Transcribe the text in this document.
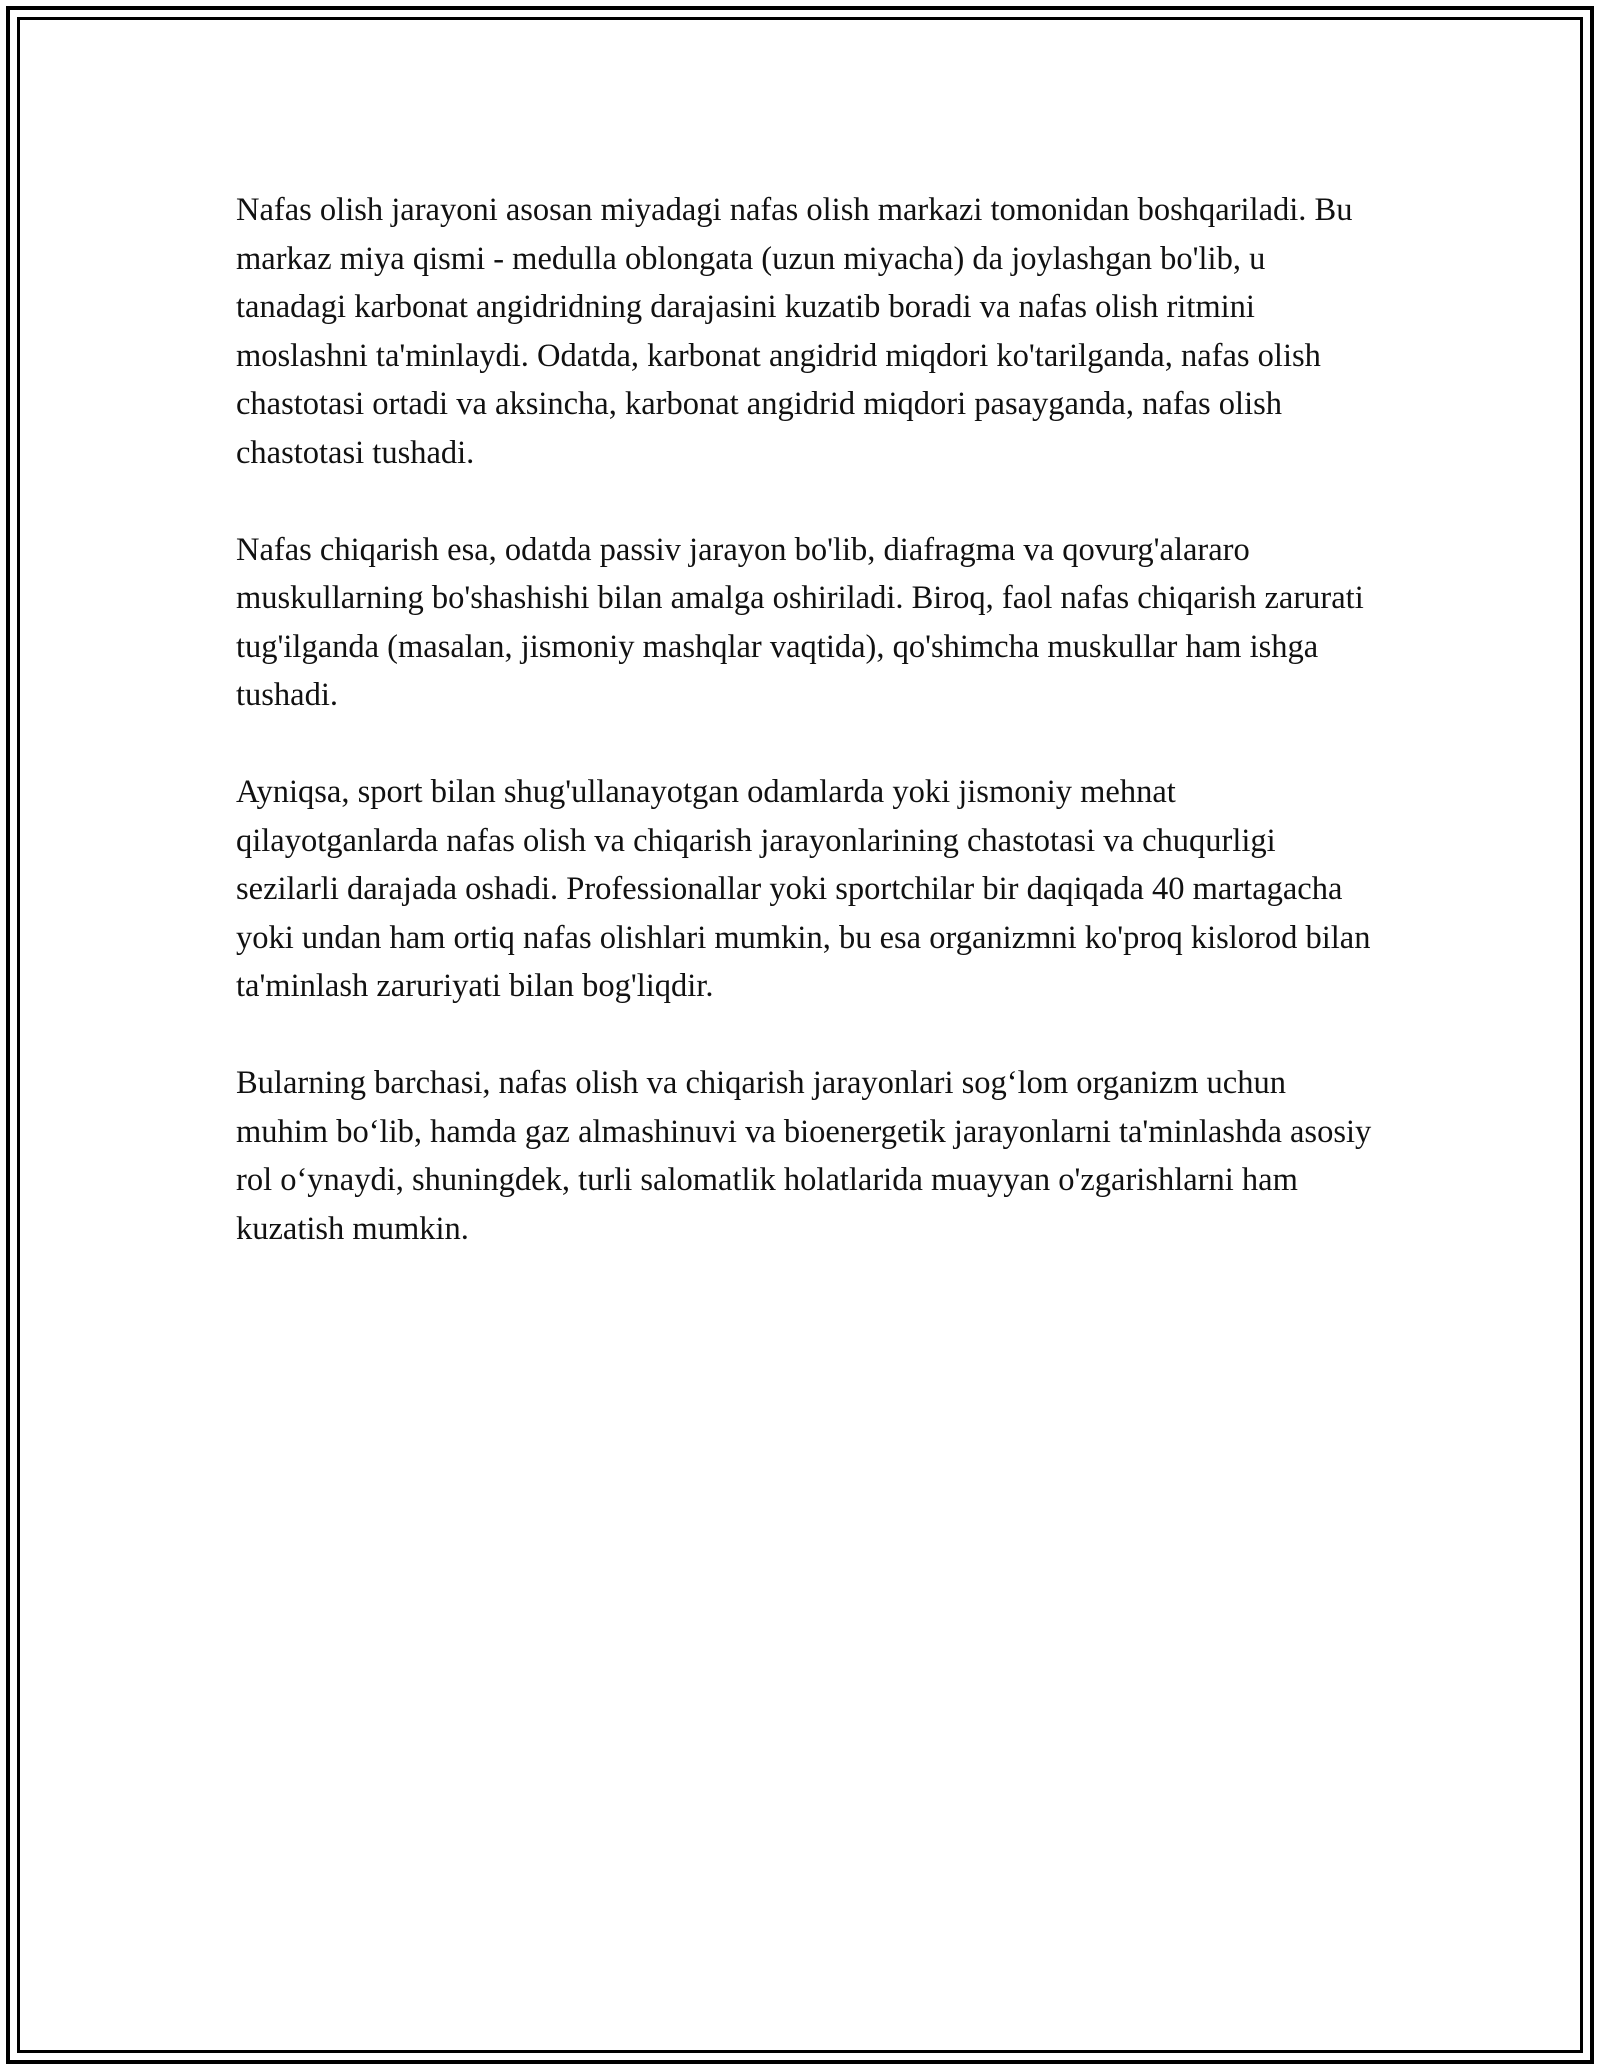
Nafas olish jarayoni asosan miyadagi nafas olish markazi tomonidan boshqariladi. Bu markaz miya qismi - medulla oblongata (uzun miyacha) da joylashgan bo'lib, u tanadagi karbonat angidridning darajasini kuzatib boradi va nafas olish ritmini moslashni ta'minlaydi. Odatda, karbonat angidrid miqdori ko'tarilganda, nafas olish chastotasi ortadi va aksincha, karbonat angidrid miqdori pasayganda, nafas olish chastotasi tushadi.

Nafas chiqarish esa, odatda passiv jarayon bo'lib, diafragma va qovurg'alararo muskullarning bo'shashishi bilan amalga oshiriladi. Biroq, faol nafas chiqarish zarurati tug'ilganda (masalan, jismoniy mashqlar vaqtida), qo'shimcha muskullar ham ishga tushadi.

Ayniqsa, sport bilan shug'ullanayotgan odamlarda yoki jismoniy mehnat qilayotganlarda nafas olish va chiqarish jarayonlarining chastotasi va chuqurligi sezilarli darajada oshadi. Professionallar yoki sportchilar bir daqiqada 40 martagacha yoki undan ham ortiq nafas olishlari mumkin, bu esa organizmni ko'proq kislorod bilan ta'minlash zaruriyati bilan bog'liqdir.

Bularning barchasi, nafas olish va chiqarish jarayonlari sog‘lom organizm uchun muhim bo‘lib, hamda gaz almashinuvi va bioenergetik jarayonlarni ta'minlashda asosiy rol o‘ynaydi, shuningdek, turli salomatlik holatlarida muayyan o'zgarishlarni ham kuzatish mumkin.
